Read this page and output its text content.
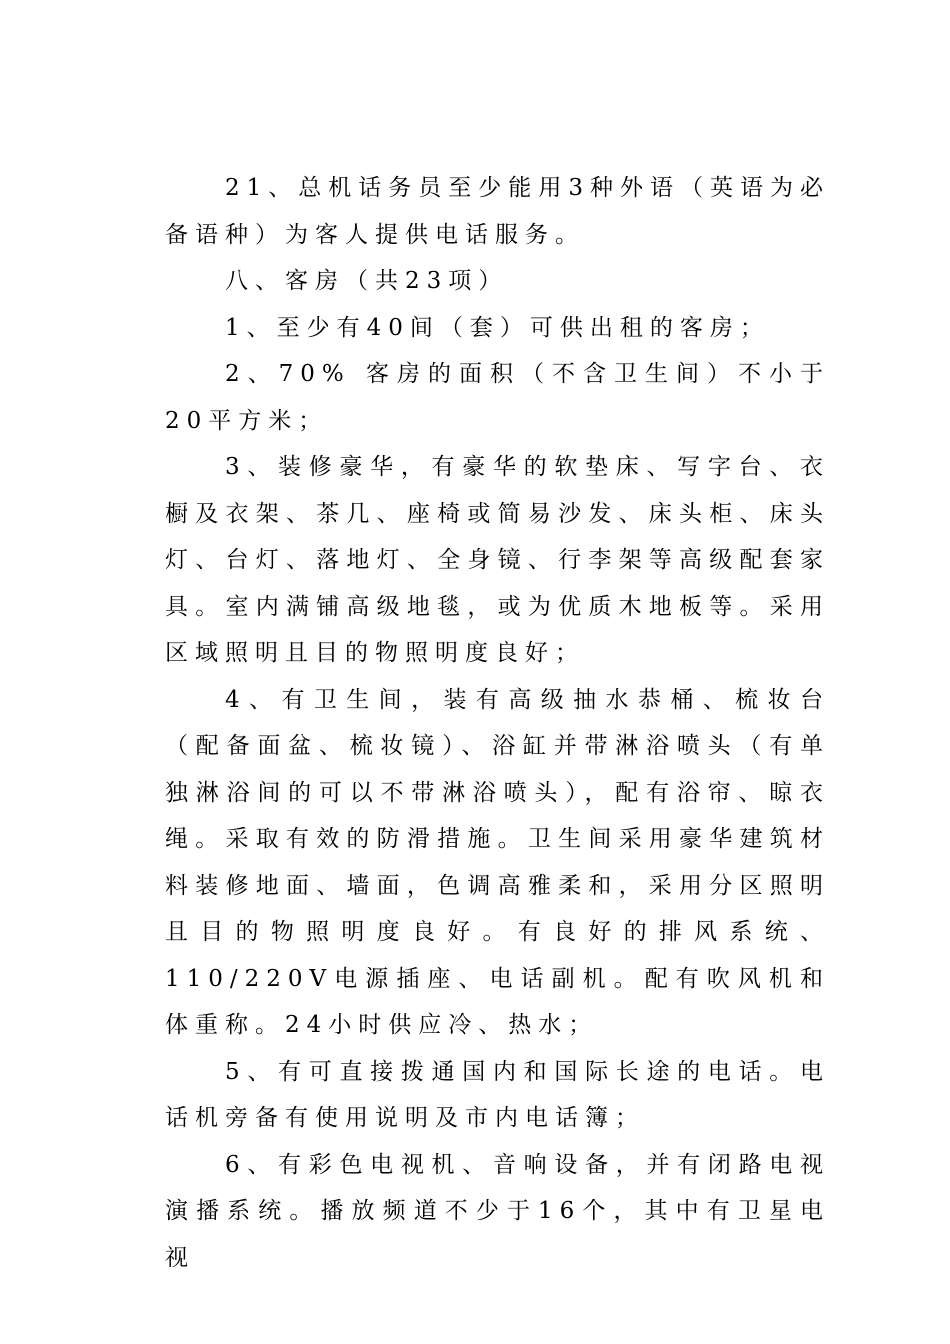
21、总机话务员至少能用3种外语（英语为必备语种）为客人提供电话服务。

八、客房（共23项）

1、至少有40间（套）可供出租的客房；

2、70% 客房的面积（不含卫生间）不小于20平方米；

3、装修豪华，有豪华的软垫床、写字台、衣橱及衣架、茶几、座椅或简易沙发、床头柜、床头灯、台灯、落地灯、全身镜、行李架等高级配套家具。室内满铺高级地毯，或为优质木地板等。采用区域照明且目的物照明度良好；

4、有卫生间，装有高级抽水恭桶、梳妆台（配备面盆、梳妆镜）、浴缸并带淋浴喷头（有单独淋浴间的可以不带淋浴喷头），配有浴帘、晾衣绳。采取有效的防滑措施。卫生间采用豪华建筑材料装修地面、墙面，色调高雅柔和，采用分区照明且目的物照明度良好。有良好的排风系统、110/220V电源插座、电话副机。配有吹风机和体重称。24小时供应冷、热水；

5、有可直接拨通国内和国际长途的电话。电话机旁备有使用说明及市内电话簿；

6、有彩色电视机、音响设备，并有闭路电视演播系统。播放频道不少于16个，其中有卫星电视
